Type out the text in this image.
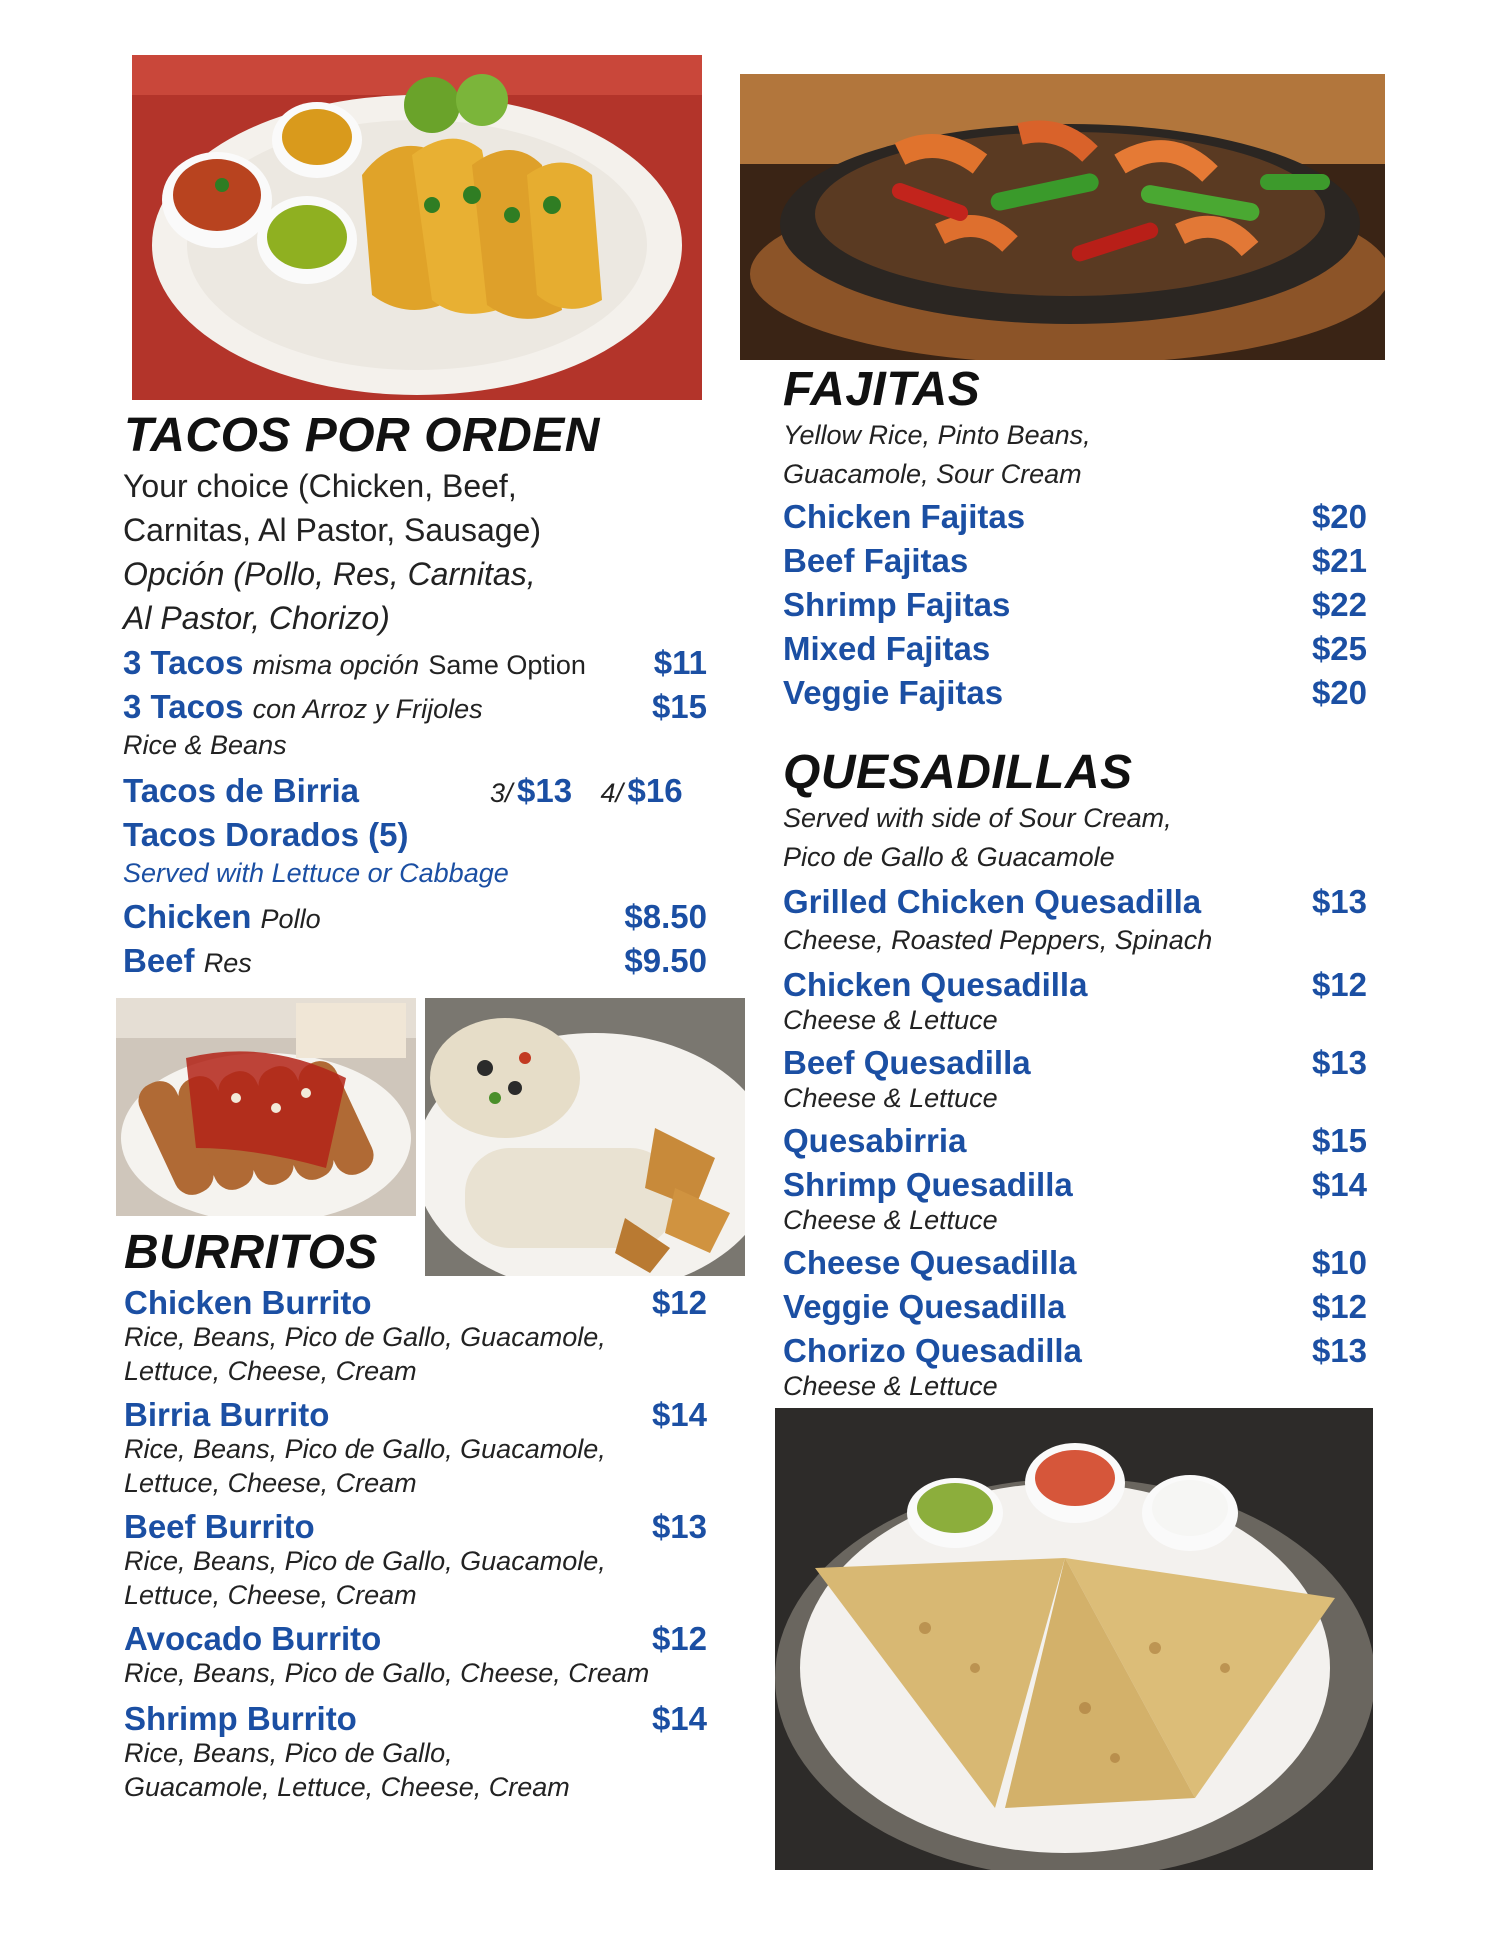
TACOS POR ORDEN
Your choice (Chicken, Beef,
Carnitas, Al Pastor, Sausage)
Opción (Pollo, Res, Carnitas,
Al Pastor, Chorizo)
3 Tacos misma opción Same Option $11
3 Tacos con Arroz y Frijoles	$15
Rice & Beans
Tacos de Birria	3/ $13 4/ $16
Tacos Dorados (5)
Served with Lettuce or Cabbage
Chicken Pollo	$8.50
Beef Res	$9.50
BURRITOS
Chicken Burrito	$12
Rice, Beans, Pico de Gallo, Guacamole,
Lettuce, Cheese, Cream
Birria Burrito	$14
Rice, Beans, Pico de Gallo, Guacamole,
Lettuce, Cheese, Cream
Beef Burrito	$13
Rice, Beans, Pico de Gallo, Guacamole,
Lettuce, Cheese, Cream
Avocado Burrito	$12
Rice, Beans, Pico de Gallo, Cheese, Cream
Shrimp Burrito	$14
Rice, Beans, Pico de Gallo,
Guacamole, Lettuce, Cheese, Cream
FAJITAS
Yellow Rice, Pinto Beans,
Guacamole, Sour Cream
Chicken Fajitas	$20
Beef Fajitas	$21
Shrimp Fajitas	$22
Mixed Fajitas	$25
Veggie Fajitas	$20
QUESADILLAS
Served with side of Sour Cream,
Pico de Gallo & Guacamole
Grilled Chicken Quesadilla	$13
Cheese, Roasted Peppers, Spinach
Chicken Quesadilla	$12
Cheese & Lettuce
Beef Quesadilla	$13
Cheese & Lettuce
Quesabirria	$15
Shrimp Quesadilla	$14
Cheese & Lettuce
Cheese Quesadilla	$10
Veggie Quesadilla	$12
Chorizo Quesadilla	$13
Cheese & Lettuce
